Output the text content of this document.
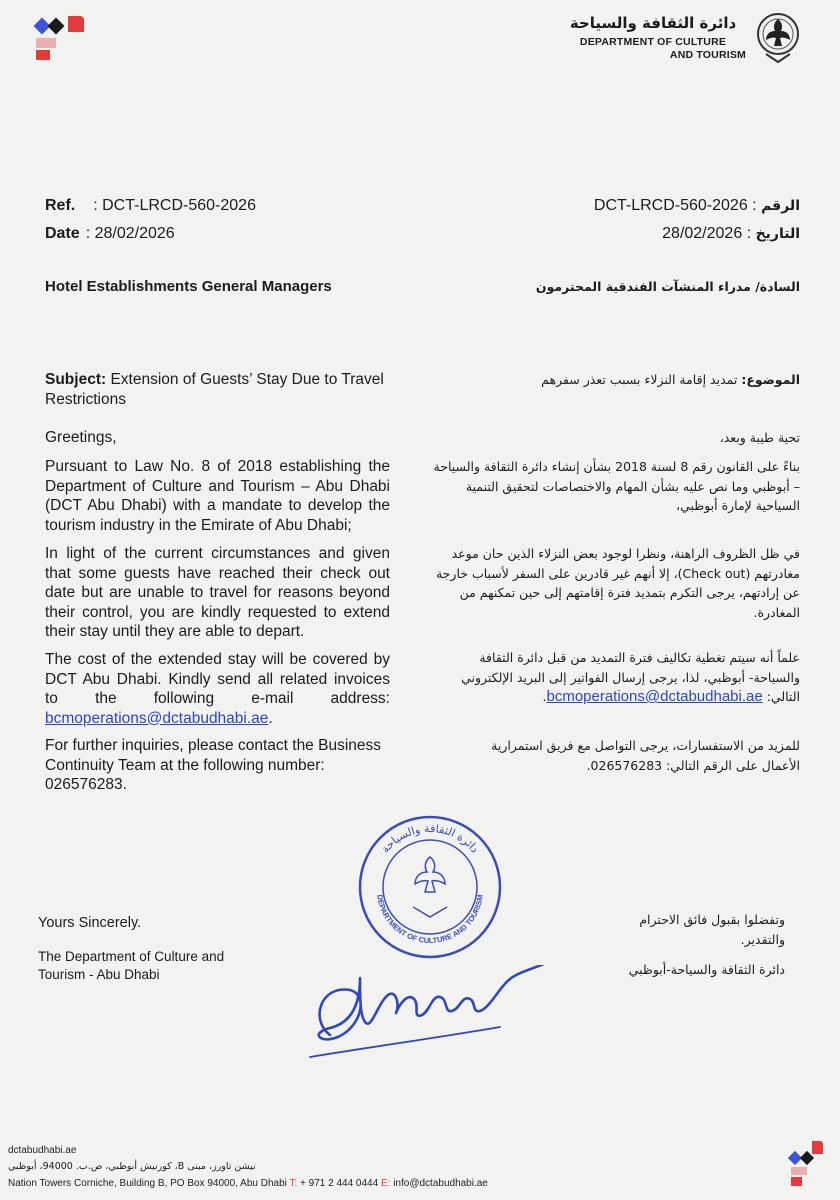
دائرة الثقافة والسياحة
DEPARTMENT OF CULTURE
AND TOURISM
Ref. : DCT-LRCD-560-2026
Date : 28/02/2026
الرقم DCT-LRCD-560-2026 :
التاريخ 28/02/2026 :
Hotel Establishments General Managers	السادة/ مدراء المنشآت الفندقية المحترمون
Subject: Extension of Guests’ Stay Due to Travel Restrictions
الموضوع: تمديد إقامة النزلاء بسبب تعذر سفرهم
Greetings,
Pursuant to Law No. 8 of 2018 establishing the Department of Culture and Tourism – Abu Dhabi (DCT Abu Dhabi) with a mandate to develop the tourism industry in the Emirate of Abu Dhabi;
In light of the current circumstances and given that some guests have reached their check out date but are unable to travel for reasons beyond their control, you are kindly requested to extend their stay until they are able to depart.
The cost of the extended stay will be covered by DCT Abu Dhabi. Kindly send all related invoices to the following e-mail address: bcmoperations@dctabudhabi.ae.
For further inquiries, please contact the Business Continuity Team at the following number: 026576283.
تحية طيبة وبعد،
بناءً على القانون رقم 8 لسنة 2018 بشأن إنشاء دائرة الثقافة والسياحة – أبوظبي وما نص عليه بشأن المهام والاختصاصات لتحقيق التنمية السياحية لإمارة أبوظبي،
في ظل الظروف الراهنة، ونظرا لوجود بعض النزلاء الذين حان موعد مغادرتهم (Check out)، إلا أنهم غير قادرين على السفر لأسباب خارجة عن إرادتهم، يرجى التكرم بتمديد فترة إقامتهم إلى حين تمكنهم من المغادرة.
علماً أنه سيتم تغطية تكاليف فترة التمديد من قبل دائرة الثقافة والسياحة- أبوظبي، لذا، يرجى إرسال الفواتير إلى البريد الإلكتروني التالي: bcmoperations@dctabudhabi.ae.
للمزيد من الاستفسارات، يرجى التواصل مع فريق استمرارية الأعمال على الرقم التالي: 026576283.
دائرة الثقافة والسياحة
DEPARTMENT OF CULTURE AND TOURISM
Yours Sincerely.
The Department of Culture and
Tourism - Abu Dhabi
وتفضلوا بقبول فائق الاحترام والتقدير.
دائرة الثقافة والسياحة-أبوظبي
dctabudhabi.ae
نيشن تاورز، مبنى B، كورنيش أبوظبي، ص.ب. 94000، أبوظبي
Nation Towers Corniche, Building B, PO Box 94000, Abu Dhabi T: + 971 2 444 0444 E: info@dctabudhabi.ae
